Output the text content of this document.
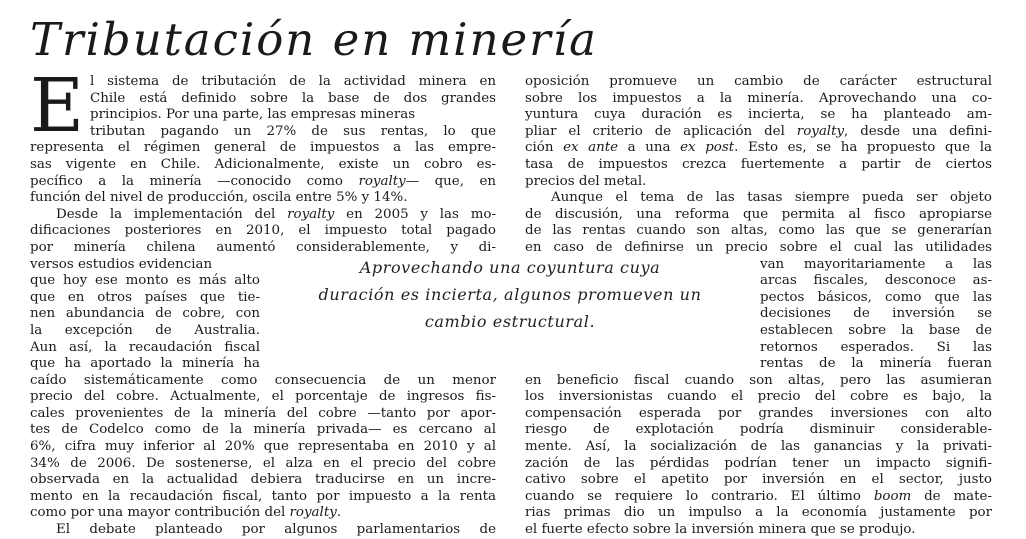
Tributación en minería
E l sistema de tributación de la actividad minera en
Chile está definido sobre la base de dos grandes
principios. Por una parte, las empresas mineras
tributan pagando un 27% de sus rentas, lo que
representa el régimen general de impuestos a las empre-
sas vigente en Chile. Adicionalmente, existe un cobro es-
pecífico a la minería —conocido como royalty— que, en
función del nivel de producción, oscila entre 5% y 14%.
Desde la implementación del royalty en 2005 y las mo-
dificaciones posteriores en 2010, el impuesto total pagado
por minería chilena aumentó considerablemente, y di-
versos estudios evidencian
que hoy ese monto es más alto
que en otros países que tie-
nen abundancia de cobre, con
la excepción de Australia.
Aun así, la recaudación fiscal
que ha aportado la minería ha
caído sistemáticamente como consecuencia de un menor
precio del cobre. Actualmente, el porcentaje de ingresos fis-
cales provenientes de la minería del cobre —tanto por apor-
tes de Codelco como de la minería privada— es cercano al
6%, cifra muy inferior al 20% que representaba en 2010 y al
34% de 2006. De sostenerse, el alza en el precio del cobre
observada en la actualidad debiera traducirse en un incre-
mento en la recaudación fiscal, tanto por impuesto a la renta
como por una mayor contribución del royalty.
El debate planteado por algunos parlamentarios de
oposición promueve un cambio de carácter estructural
sobre los impuestos a la minería. Aprovechando una co-
yuntura cuya duración es incierta, se ha planteado am-
pliar el criterio de aplicación del royalty, desde una defini-
ción ex ante a una ex post. Esto es, se ha propuesto que la
tasa de impuestos crezca fuertemente a partir de ciertos
precios del metal.
Aunque el tema de las tasas siempre pueda ser objeto
de discusión, una reforma que permita al fisco apropiarse
de las rentas cuando son altas, como las que se generarían
en caso de definirse un precio sobre el cual las utilidades
van mayoritariamente a las
arcas fiscales, desconoce as-
pectos básicos, como que las
decisiones de inversión se
establecen sobre la base de
retornos esperados. Si las
rentas de la minería fueran
en beneficio fiscal cuando son altas, pero las asumieran
los inversionistas cuando el precio del cobre es bajo, la
compensación esperada por grandes inversiones con alto
riesgo de explotación podría disminuir considerable-
mente. Así, la socialización de las ganancias y la privati-
zación de las pérdidas podrían tener un impacto signifi-
cativo sobre el apetito por inversión en el sector, justo
cuando se requiere lo contrario. El último boom de mate-
rias primas dio un impulso a la economía justamente por
el fuerte efecto sobre la inversión minera que se produjo.
Aprovechando una coyuntura cuya
duración es incierta, algunos promueven un
cambio estructural.
